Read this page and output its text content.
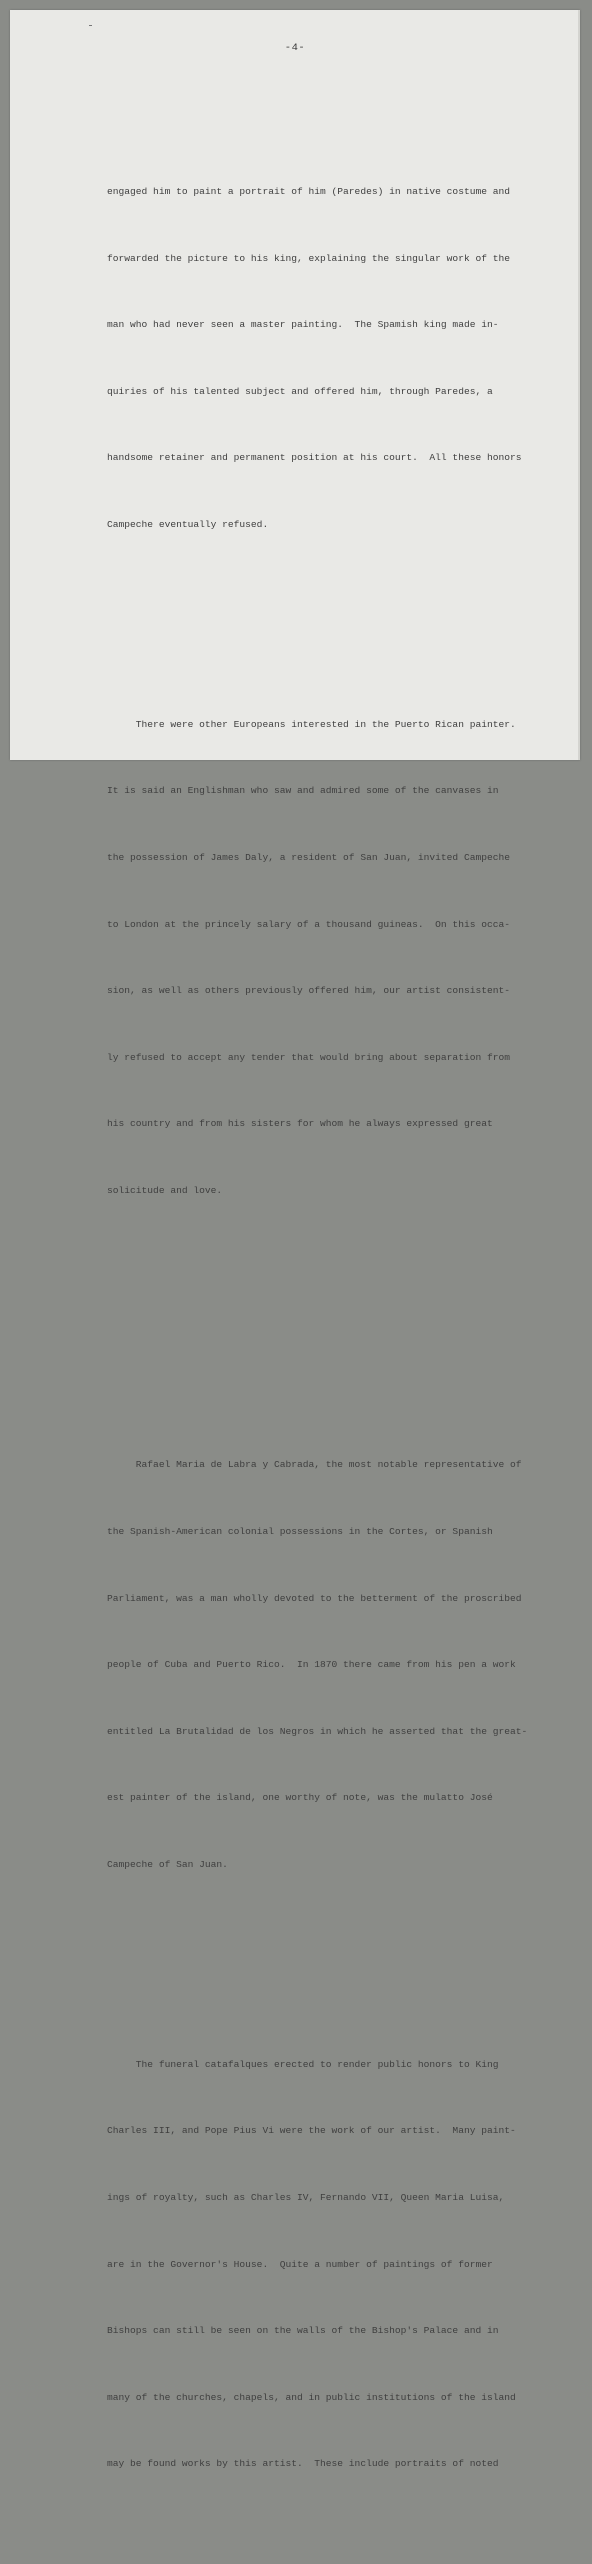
-4-

engaged him to paint a portrait of him (Paredes) in native costume and

forwarded the picture to his king, explaining the singular work of the

man who had never seen a master painting.  The Spamish king made in-

quiries of his talented subject and offered him, through Paredes, a

handsome retainer and permanent position at his court.  All these honors

Campeche eventually refused.

There were other Europeans interested in the Puerto Rican painter.

It is said an Englishman who saw and admired some of the canvases in

the possession of James Daly, a resident of San Juan, invited Campeche

to London at the princely salary of a thousand guineas.  On this occa-

sion, as well as others previously offered him, our artist consistent-

ly refused to accept any tender that would bring about separation from

his country and from his sisters for whom he always expressed great

solicitude and love.

Rafael Maria de Labra y Cabrada, the most notable representative of

the Spanish-American colonial possessions in the Cortes, or Spanish

Parliament, was a man wholly devoted to the betterment of the proscribed

people of Cuba and Puerto Rico.  In 1870 there came from his pen a work

entitled La Brutalidad de los Negros in which he asserted that the great-

est painter of the island, one worthy of note, was the mulatto José

Campeche of San Juan.

The funeral catafalques erected to render public honors to King

Charles III, and Pope Pius Vi were the work of our artist.  Many paint-

ings of royalty, such as Charles IV, Fernando VII, Queen Maria Luisa,

are in the Governor's House.  Quite a number of paintings of former

Bishops can still be seen on the walls of the Bishop's Palace and in

many of the churches, chapels, and in public institutions of the island

may be found works by this artist.  These include portraits of noted
